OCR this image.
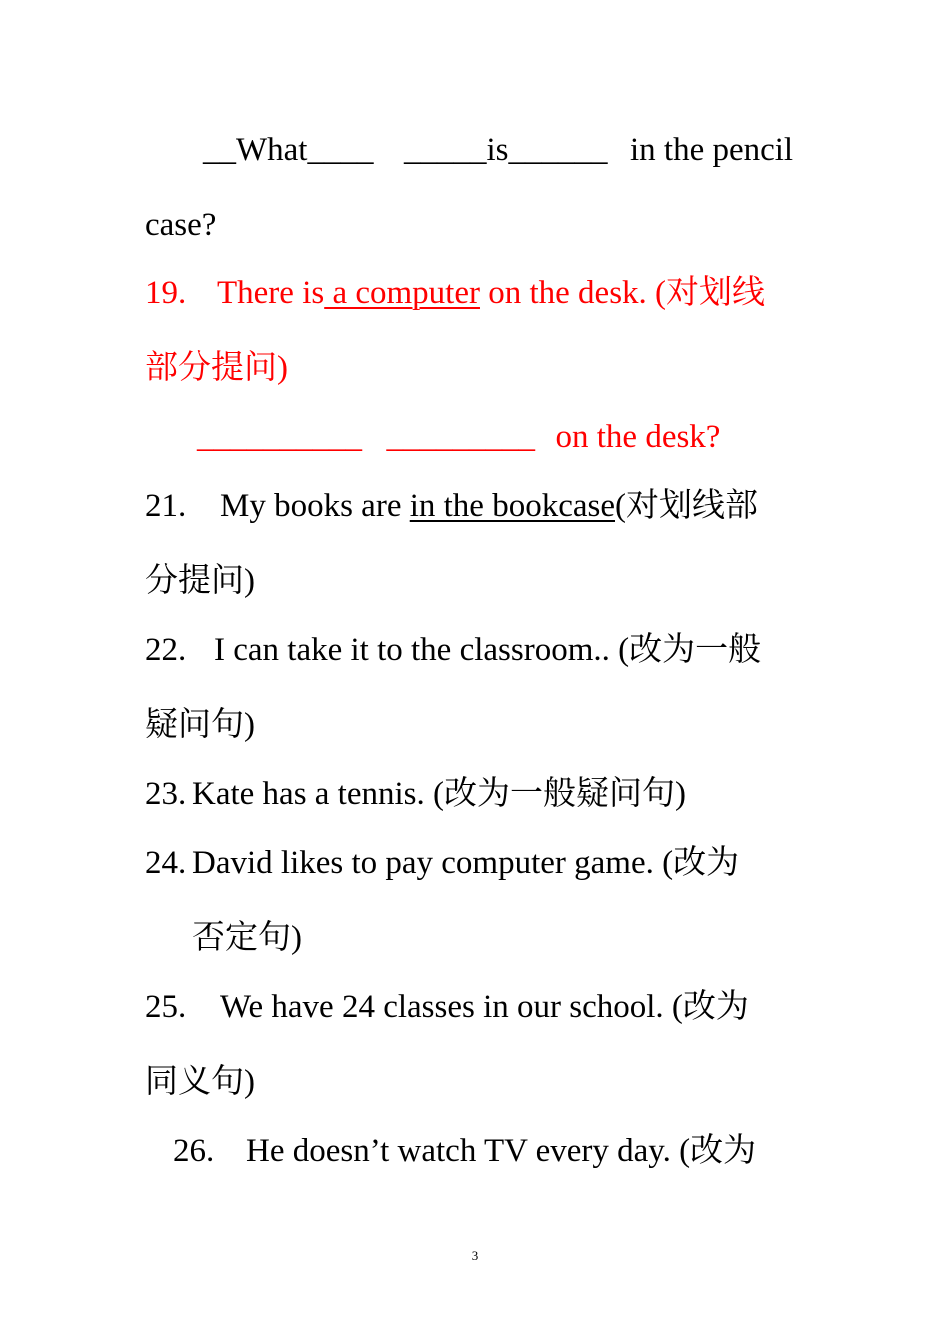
__What____ _____is______ in the pencil
case?
19. There is a computer on the desk. (对划线
部分提问)
__________ _________ on the desk?
21. My books are in the bookcase(对划线部
分提问)
22. I can take it to the classroom.. (改为一般
疑问句)
23. Kate has a tennis. (改为一般疑问句)
24. David likes to pay computer game. (改为
否定句)
25. We have 24 classes in our school. (改为
同义句)
26. He doesn’t watch TV every day. (改为
3
